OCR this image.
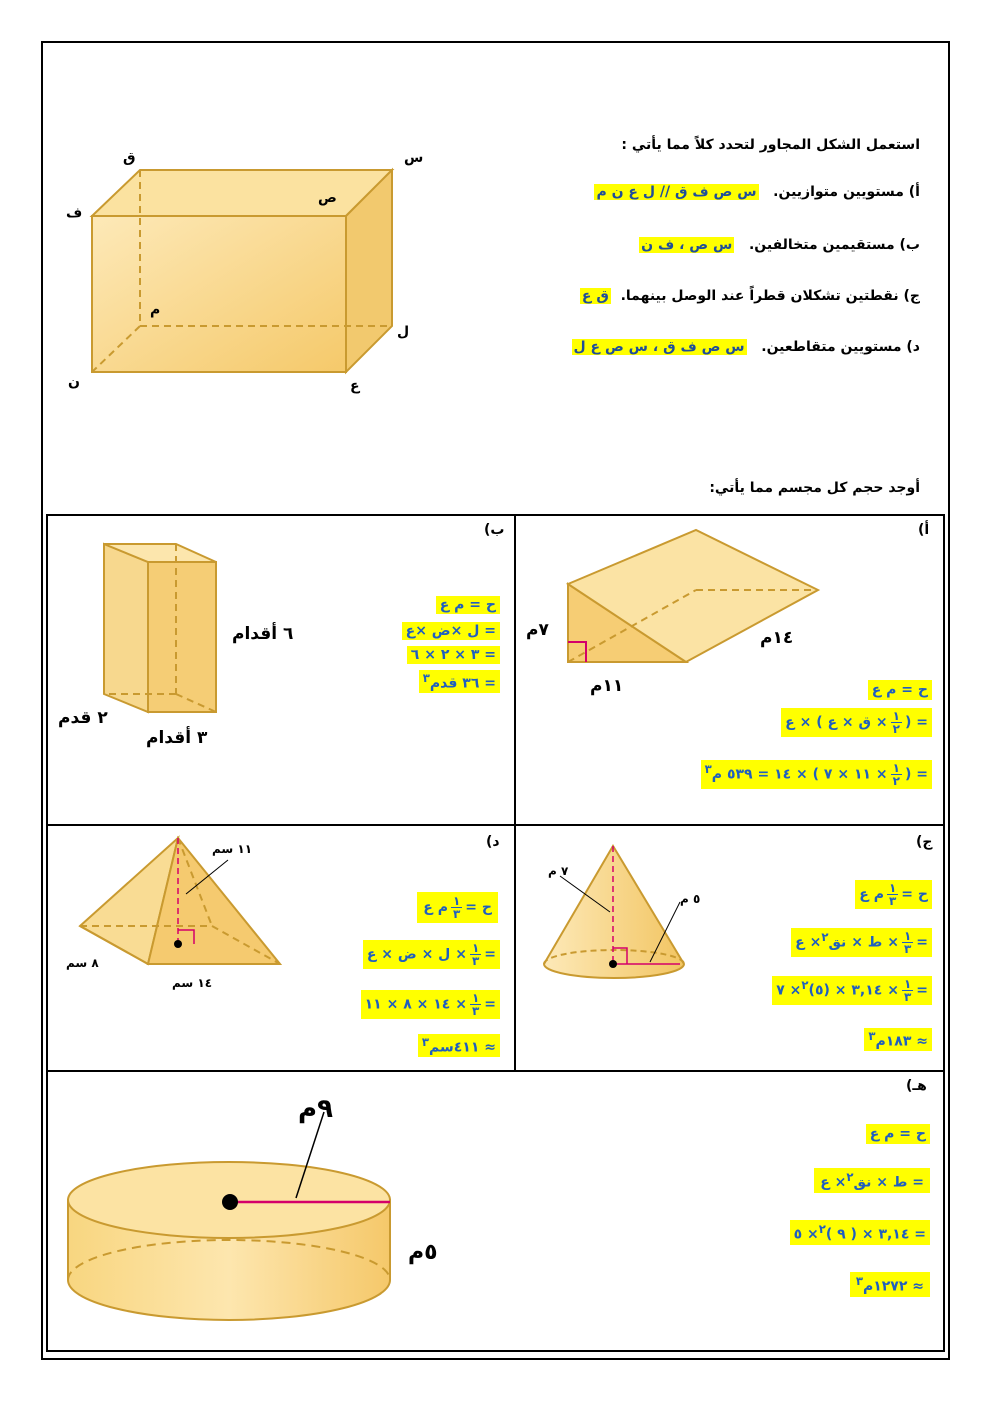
س
ق
ف
ص
م
ل
ن	ع
استعمل الشكل المجاور لتحدد كلاً مما يأتي :
أ) مستويين متوازيين.   س ص ف ق // ل ع ن م
ب) مستقيمين متخالفين.   س ص ، ف ن
ج) نقطتين تشكلان قطراً عند الوصل بينهما.  ق ع
د) مستويين متقاطعين.   س ص ف ق ، س ص ع ل
أوجد حجم كل مجسم مما يأتي:
أ)
٧م
١١م
١٤م
ح = م ع
= (
$\frac{١}{٢}$
× ق × ع ) × ع
= (
$\frac{١}{٢}$
× ١١ × ٧ ) × ١٤ = ٥٣٩ م$^٣$
ب)
٦ أقدام
٢ قدم
٣ أقدام
ح = م ع
= ل ×ض ×ع
= ٣ × ٢ × ٦
= ٣٦ قدم$^٣$
ج)
٧ م
٥ م	ح =
$\frac{١}{٣}$
م ع
=
$\frac{١}{٣}$
× ط × نق$^٢$× ع
=
$\frac{١}{٣}$
× ٣,١٤ × (٥)$^٢$× ٧
≈ ١٨٣م$^٣$
د)
١١ سم
٨ سم
١٤ سم
ح =
$\frac{١}{٣}$
م ع
=
$\frac{١}{٣}$
× ل × ض × ع
=
$\frac{١}{٣}$
× ١٤ × ٨ × ١١
≈ ٤١١سم$^٣$
هـ)
٩م
٥م
ح = م ع
= ط × نق$^٢$× ع
= ٣,١٤ × ( ٩ )$^٢$× ٥
≈ ١٢٧٢م$^٣$
